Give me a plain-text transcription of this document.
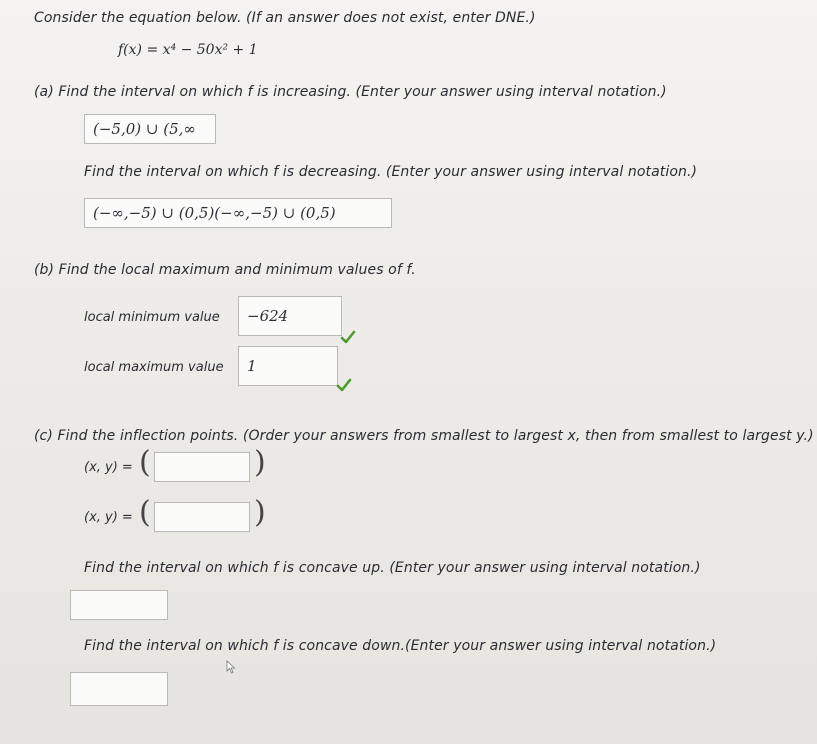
Consider the equation below. (If an answer does not exist, enter DNE.)
f(x) = x⁴ − 50x² + 1
(a) Find the interval on which f is increasing. (Enter your answer using interval notation.)
(−5,0) ∪ (5,∞
Find the interval on which f is decreasing. (Enter your answer using interval notation.)
(−∞,−5) ∪ (0,5)(−∞,−5) ∪ (0,5)
(b) Find the local maximum and minimum values of f.
local minimum value −624
local maximum value 1
(c) Find the inflection points. (Order your answers from smallest to largest x, then from smallest to largest y.)
(x, y) = (	)
(x, y) = (	)
Find the interval on which f is concave up. (Enter your answer using interval notation.)
Find the interval on which f is concave down.(Enter your answer using interval notation.)
